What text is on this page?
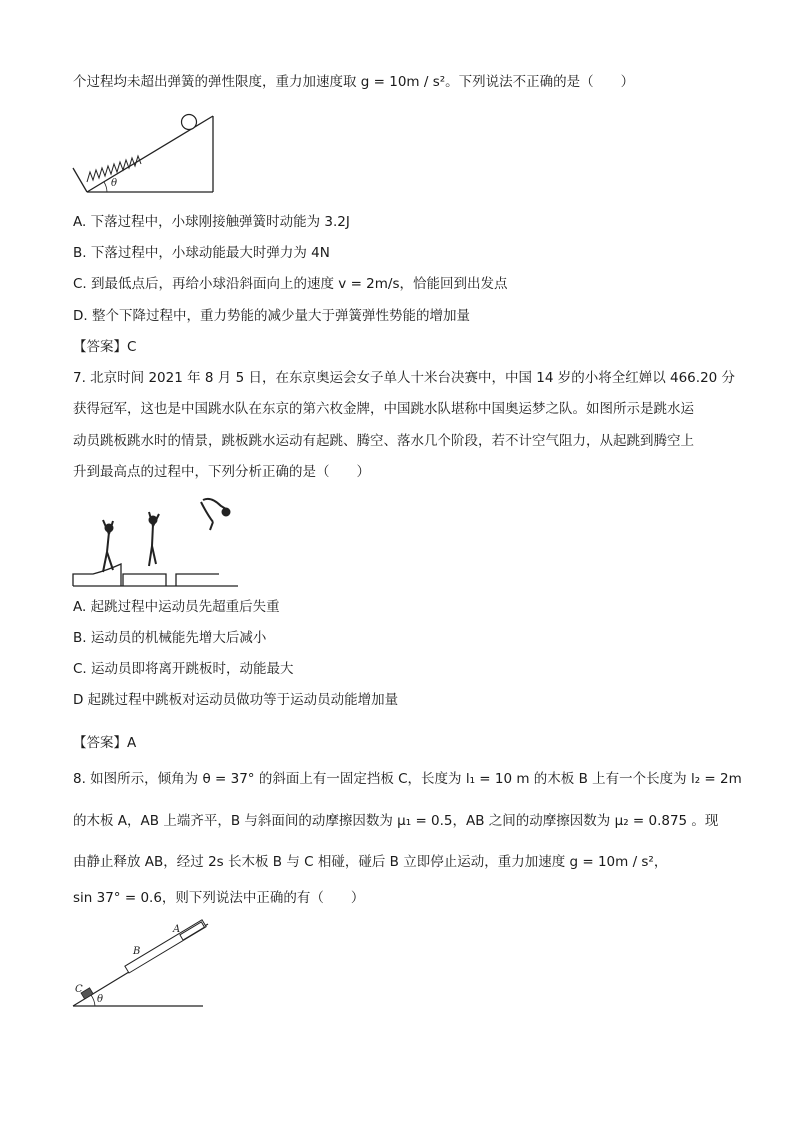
个过程均未超出弹簧的弹性限度，重力加速度取 g = 10m / s²。下列说法不正确的是（　　）
θ
A. 下落过程中，小球刚接触弹簧时动能为 3.2J
B. 下落过程中，小球动能最大时弹力为 4N
C. 到最低点后，再给小球沿斜面向上的速度 v = 2m/s，恰能回到出发点
D. 整个下降过程中，重力势能的减少量大于弹簧弹性势能的增加量
【答案】C
7. 北京时间 2021 年 8 月 5 日，在东京奥运会女子单人十米台决赛中，中国 14 岁的小将全红婵以 466.20 分
获得冠军，这也是中国跳水队在东京的第六枚金牌，中国跳水队堪称中国奥运梦之队。如图所示是跳水运
动员跳板跳水时的情景，跳板跳水运动有起跳、腾空、落水几个阶段，若不计空气阻力，从起跳到腾空上
升到最高点的过程中，下列分析正确的是（　　）
A. 起跳过程中运动员先超重后失重
B. 运动员的机械能先增大后减小
C. 运动员即将离开跳板时，动能最大
D 起跳过程中跳板对运动员做功等于运动员动能增加量
【答案】A
8. 如图所示，倾角为 θ = 37° 的斜面上有一固定挡板 C，长度为 l₁ = 10 m 的木板 B 上有一个长度为 l₂ = 2m
的木板 A，AB 上端齐平，B 与斜面间的动摩擦因数为 μ₁ = 0.5，AB 之间的动摩擦因数为 μ₂ = 0.875 。现
由静止释放 AB，经过 2s 长木板 B 与 C 相碰，碰后 B 立即停止运动，重力加速度 g = 10m / s²，
sin 37° = 0.6，则下列说法中正确的有（　　）
A
B
C
θ
